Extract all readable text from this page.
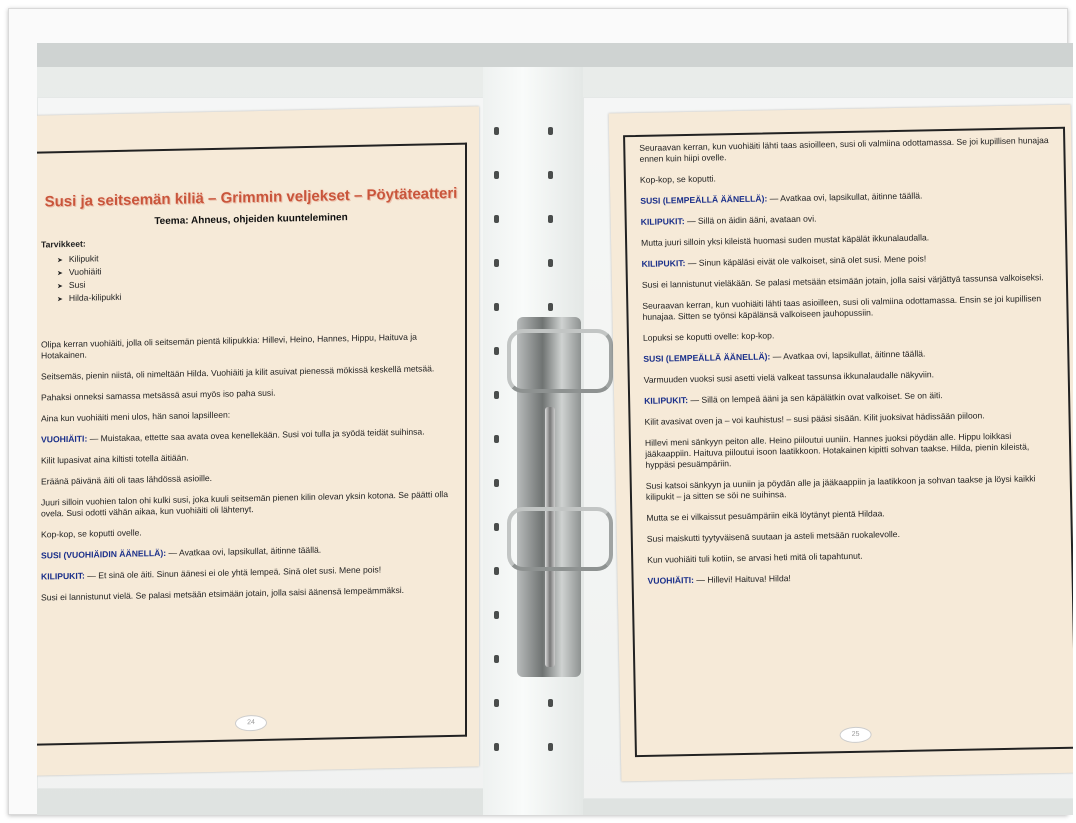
Susi ja seitsemän kiliä – Grimmin veljekset – Pöytäteatteri
Teema: Ahneus, ohjeiden kuunteleminen
Tarvikkeet:
➤ Kilipukit
➤ Vuohiäiti
➤ Susi
➤ Hilda-kilipukki

Olipa kerran vuohiäiti, jolla oli seitsemän pientä kilipukkia: Hillevi, Heino, Hannes, Hippu, Haituva ja Hotakainen.

Seitsemäs, pienin niistä, oli nimeltään Hilda. Vuohiäiti ja kilit asuivat pienessä mökissä keskellä metsää.

Pahaksi onneksi samassa metsässä asui myös iso paha susi.

Aina kun vuohiäiti meni ulos, hän sanoi lapsilleen:

VUOHIÄITI: — Muistakaa, ettette saa avata ovea kenellekään. Susi voi tulla ja syödä teidät suihinsa.

Kilit lupasivat aina kiltisti totella äitiään.

Eräänä päivänä äiti oli taas lähdössä asioille.

Juuri silloin vuohien talon ohi kulki susi, joka kuuli seitsemän pienen kilin olevan yksin kotona. Se päätti olla ovela. Susi odotti vähän aikaa, kun vuohiäiti oli lähtenyt.

Kop-kop, se koputti ovelle.

SUSI (VUOHIÄIDIN ÄÄNELLÄ): — Avatkaa ovi, lapsikullat, äitinne täällä.

KILIPUKIT: — Et sinä ole äiti. Sinun äänesi ei ole yhtä lempeä. Sinä olet susi. Mene pois!

Susi ei lannistunut vielä. Se palasi metsään etsimään jotain, jolla saisi äänensä lempeämmäksi.

24

Seuraavan kerran, kun vuohiäiti lähti taas asioilleen, susi oli valmiina odottamassa. Se joi kupillisen hunajaa ennen kuin hiipi ovelle.

Kop-kop, se koputti.

SUSI (LEMPEÄLLÄ ÄÄNELLÄ): — Avatkaa ovi, lapsikullat, äitinne täällä.

KILIPUKIT: — Sillä on äidin ääni, avataan ovi.

Mutta juuri silloin yksi kileistä huomasi suden mustat käpälät ikkunalaudalla.

KILIPUKIT: — Sinun käpäläsi eivät ole valkoiset, sinä olet susi. Mene pois!

Susi ei lannistunut vieläkään. Se palasi metsään etsimään jotain, jolla saisi värjättyä tassunsa valkoiseksi.

Seuraavan kerran, kun vuohiäiti lähti taas asioilleen, susi oli valmiina odottamassa. Ensin se joi kupillisen hunajaa. Sitten se työnsi käpälänsä valkoiseen jauhopussiin.

Lopuksi se koputti ovelle: kop-kop.

SUSI (LEMPEÄLLÄ ÄÄNELLÄ): — Avatkaa ovi, lapsikullat, äitinne täällä.

Varmuuden vuoksi susi asetti vielä valkeat tassunsa ikkunalaudalle näkyviin.

KILIPUKIT: — Sillä on lempeä ääni ja sen käpälätkin ovat valkoiset. Se on äiti.

Kilit avasivat oven ja – voi kauhistus! – susi pääsi sisään. Kilit juoksivat hädissään piiloon.

Hillevi meni sänkyyn peiton alle. Heino piiloutui uuniin. Hannes juoksi pöydän alle. Hippu loikkasi jääkaappiin. Haituva piiloutui isoon laatikkoon. Hotakainen kipitti sohvan taakse. Hilda, pienin kileistä, hyppäsi pesuämpäriin.

Susi katsoi sänkyyn ja uuniin ja pöydän alle ja jääkaappiin ja laatikkoon ja sohvan taakse ja löysi kaikki kilipukit – ja sitten se söi ne suihinsa.

Mutta se ei vilkaissut pesuämpäriin eikä löytänyt pientä Hildaa.

Susi maiskutti tyytyväisenä suutaan ja asteli metsään ruokalevolle.

Kun vuohiäiti tuli kotiin, se arvasi heti mitä oli tapahtunut.

VUOHIÄITI: — Hillevi! Haituva! Hilda!

25
